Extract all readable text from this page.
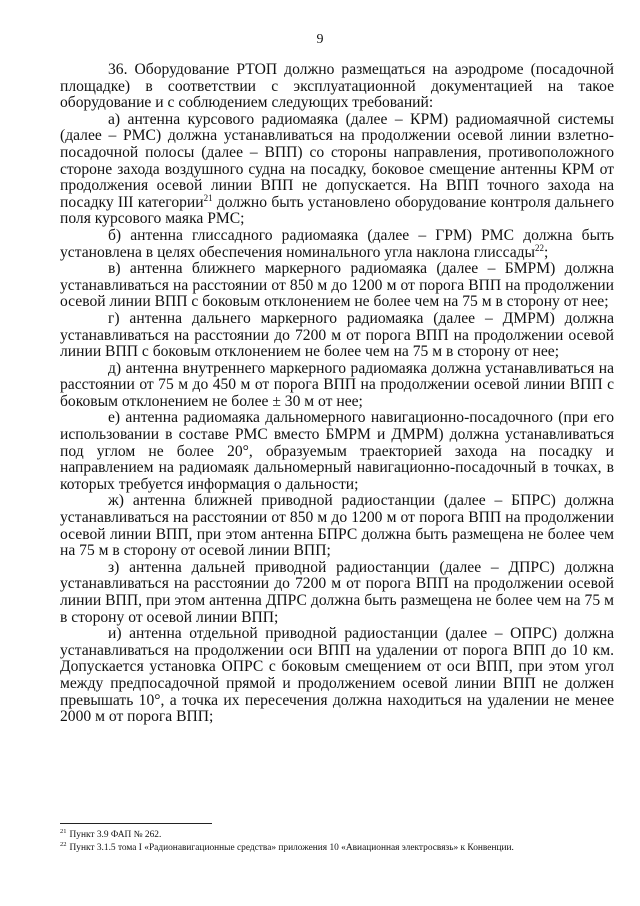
9

36. Оборудование РТОП должно размещаться на аэродроме (посадочной площадке) в соответствии с эксплуатационной документацией на такое оборудование и с соблюдением следующих требований:

а) антенна курсового радиомаяка (далее – КРМ) радиомаячной системы (далее – РМС) должна устанавливаться на продолжении осевой линии взлетно-посадочной полосы (далее – ВПП) со стороны направления, противоположного стороне захода воздушного судна на посадку, боковое смещение антенны КРМ от продолжения осевой линии ВПП не допускается. На ВПП точного захода на посадку III категории$^{21}$ должно быть установлено оборудование контроля дальнего поля курсового маяка РМС;

б) антенна глиссадного радиомаяка (далее – ГРМ) РМС должна быть установлена в целях обеспечения номинального угла наклона глиссады$^{22}$;

в) антенна ближнего маркерного радиомаяка (далее – БМРМ) должна устанавливаться на расстоянии от 850 м до 1200 м от порога ВПП на продолжении осевой линии ВПП с боковым отклонением не более чем на 75 м в сторону от нее;

г) антенна дальнего маркерного радиомаяка (далее – ДМРМ) должна устанавливаться на расстоянии до 7200 м от порога ВПП на продолжении осевой линии ВПП с боковым отклонением не более чем на 75 м в сторону от нее;

д) антенна внутреннего маркерного радиомаяка должна устанавливаться на расстоянии от 75 м до 450 м от порога ВПП на продолжении осевой линии ВПП с боковым отклонением не более ± 30 м от нее;

е) антенна радиомаяка дальномерного навигационно-посадочного (при его использовании в составе РМС вместо БМРМ и ДМРМ) должна устанавливаться под углом не более 20°, образуемым траекторией захода на посадку и направлением на радиомаяк дальномерный навигационно-посадочный в точках, в которых требуется информация о дальности;

ж) антенна ближней приводной радиостанции (далее – БПРС) должна устанавливаться на расстоянии от 850 м до 1200 м от порога ВПП на продолжении осевой линии ВПП, при этом антенна БПРС должна быть размещена не более чем на 75 м в сторону от осевой линии ВПП;

з) антенна дальней приводной радиостанции (далее – ДПРС) должна устанавливаться на расстоянии до 7200 м от порога ВПП на продолжении осевой линии ВПП, при этом антенна ДПРС должна быть размещена не более чем на 75 м в сторону от осевой линии ВПП;

и) антенна отдельной приводной радиостанции (далее – ОПРС) должна устанавливаться на продолжении оси ВПП на удалении от порога ВПП до 10 км. Допускается установка ОПРС с боковым смещением от оси ВПП, при этом угол между предпосадочной прямой и продолжением осевой линии ВПП не должен превышать 10°, а точка их пересечения должна находиться на удалении не менее 2000 м от порога ВПП;

$^{21}$ Пункт 3.9 ФАП № 262.

$^{22}$ Пункт 3.1.5 тома I «Радионавигационные средства» приложения 10 «Авиационная электросвязь» к Конвенции.
